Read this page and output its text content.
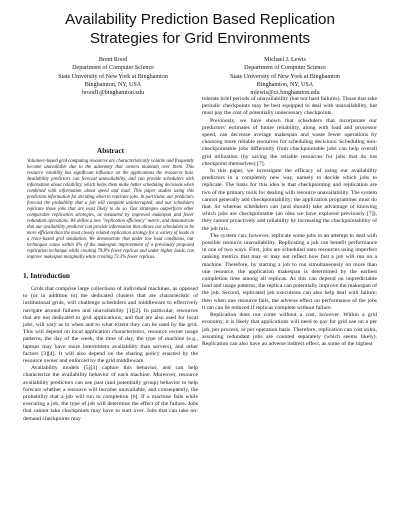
Availability Prediction Based Replication Strategies for Grid Environments
Brent Rood
Department of Computer Science
State University of New York at Binghamton
Binghamton, NY, USA
brood1@binghamton.edu
Michael J. Lewis
Department of Computer Science
State University of New York at Binghamton
Binghamton, NY, USA
mlewis@cs.binghamton.edu
Abstract

Volunteer-based grid computing resources are characteristically volatile and frequently become unavailable due to the autonomy that owners maintain over them. This resource volatility has significant influence on the applications the resources host. Availability predictors can forecast unavailability, and can provide schedulers with information about reliability, which helps them make better scheduling decisions when combined with information about speed and load. This paper studies using this prediction information for deciding when to replicate jobs. In particular, our predictors forecast the probability that a job will complete uninterrupted, and our schedulers replicate those jobs that are least likely to do so. Our strategies outperform other comparable replication strategies, as measured by improved makespan and fewer redundant operations. We define a new "replication efficiency" metric, and demonstrate that our availability predictor can provide information that allows our schedulers to be more efficient than the most closely related replication strategy for a variety of loads in a trace-based grid simulation. We demonstrate that under low load conditions, our techniques cause within 6% of the makespan improvement of a previously proposed replication technique while creating 79.8% fewer replicas and under higher loads, can improve makespan marginally while creating 73.3% fewer replicas.

1. Introduction

Grids that comprise large collections of individual machines, as opposed to (or in addition to) the dedicated clusters that are characteristic of institutional grids, will challenge schedulers and middleware to effectively navigate around failures and unavailability [1][2]. In particular, resources that are not dedicated to grid applications, and that are also used for local jobs, will vary as to when and to what extent they can be used by the grid. This will depend on local application characteristics, resource owner usage patterns, the day of the week, the time of day, the type of machine (e.g., laptops may have more intermittent availability than servers), and other factors [3][4]. It will also depend on the sharing policy enacted by the resource owner and enforced by the grid middleware.

Availability models [5][3] capture this behavior, and can help characterize the availability behavior of each machine. Moreover, resource availability predictors can use past (and potentially group) behavior to help forecast whether a resource will become unavailable, and consequently, the probability that a job will run to completion [6]. If a machine fails while executing a job, the type of job will determine the effect of the failure. Jobs that cannot take checkpoints may have to start over. Jobs that can take on-demand checkpoints may

tolerate brief periods of unavailability (but not hard failures). Those that take periodic checkpoints may be best equipped to deal with unavailability, but must pay the cost of potentially unnecessary checkpoints.

Previously, we have shown that schedulers that incorporate our predictors' estimates of future reliability, along with load and processor speed, can decrease average makespan and waste fewer operations by choosing more reliable resources for scheduling decisions. Scheduling non-checkpointable jobs differently from checkpointable jobs can help overall grid utilization (by saving the reliable resources for jobs that do not checkpoint themselves) [7].

In this paper, we investigate the efficacy of using our availability predictors in a completely new way, namely to decide which jobs to replicate. The basis for this idea is that checkpointing and replication are two of the primary tools for dealing with resource unavailability. The system cannot generally add checkpointability; the application programmer must do that. So whereas schedulers can (and should) take advantage of knowing which jobs are checkpointable (an idea we have explored previously [7]), they cannot proactively add reliability by increasing the checkpointability of the job mix.

The system can, however, replicate some jobs in an attempt to deal with possible resource unavailability. Replicating a job can benefit performance in one of two ways. First, jobs are scheduled onto resources using imperfect ranking metrics that may or may not reflect how fast a job will run on a machine. Therefore, by starting a job to run simultaneously on more than one resource, the application makespan is determined by the earliest completion time among all replicas. As this can depend on unpredictable load and usage patterns, the replica can potentially improve the makespan of the job. Second, replicated job executions can also help deal with failure; then when one resource fails, the adverse effect on performance of the jobs it ran can be reduced if replicas complete without failure.

Replication does not come without a cost, however. Within a grid economy, it is likely that applications will need to pay for grid use on a per job, per process, or per operation basis. Therefore, replication can cost extra, assuming redundant jobs are counted separately (which seems likely). Replication can also have an adverse indirect effect, as some of the highest
